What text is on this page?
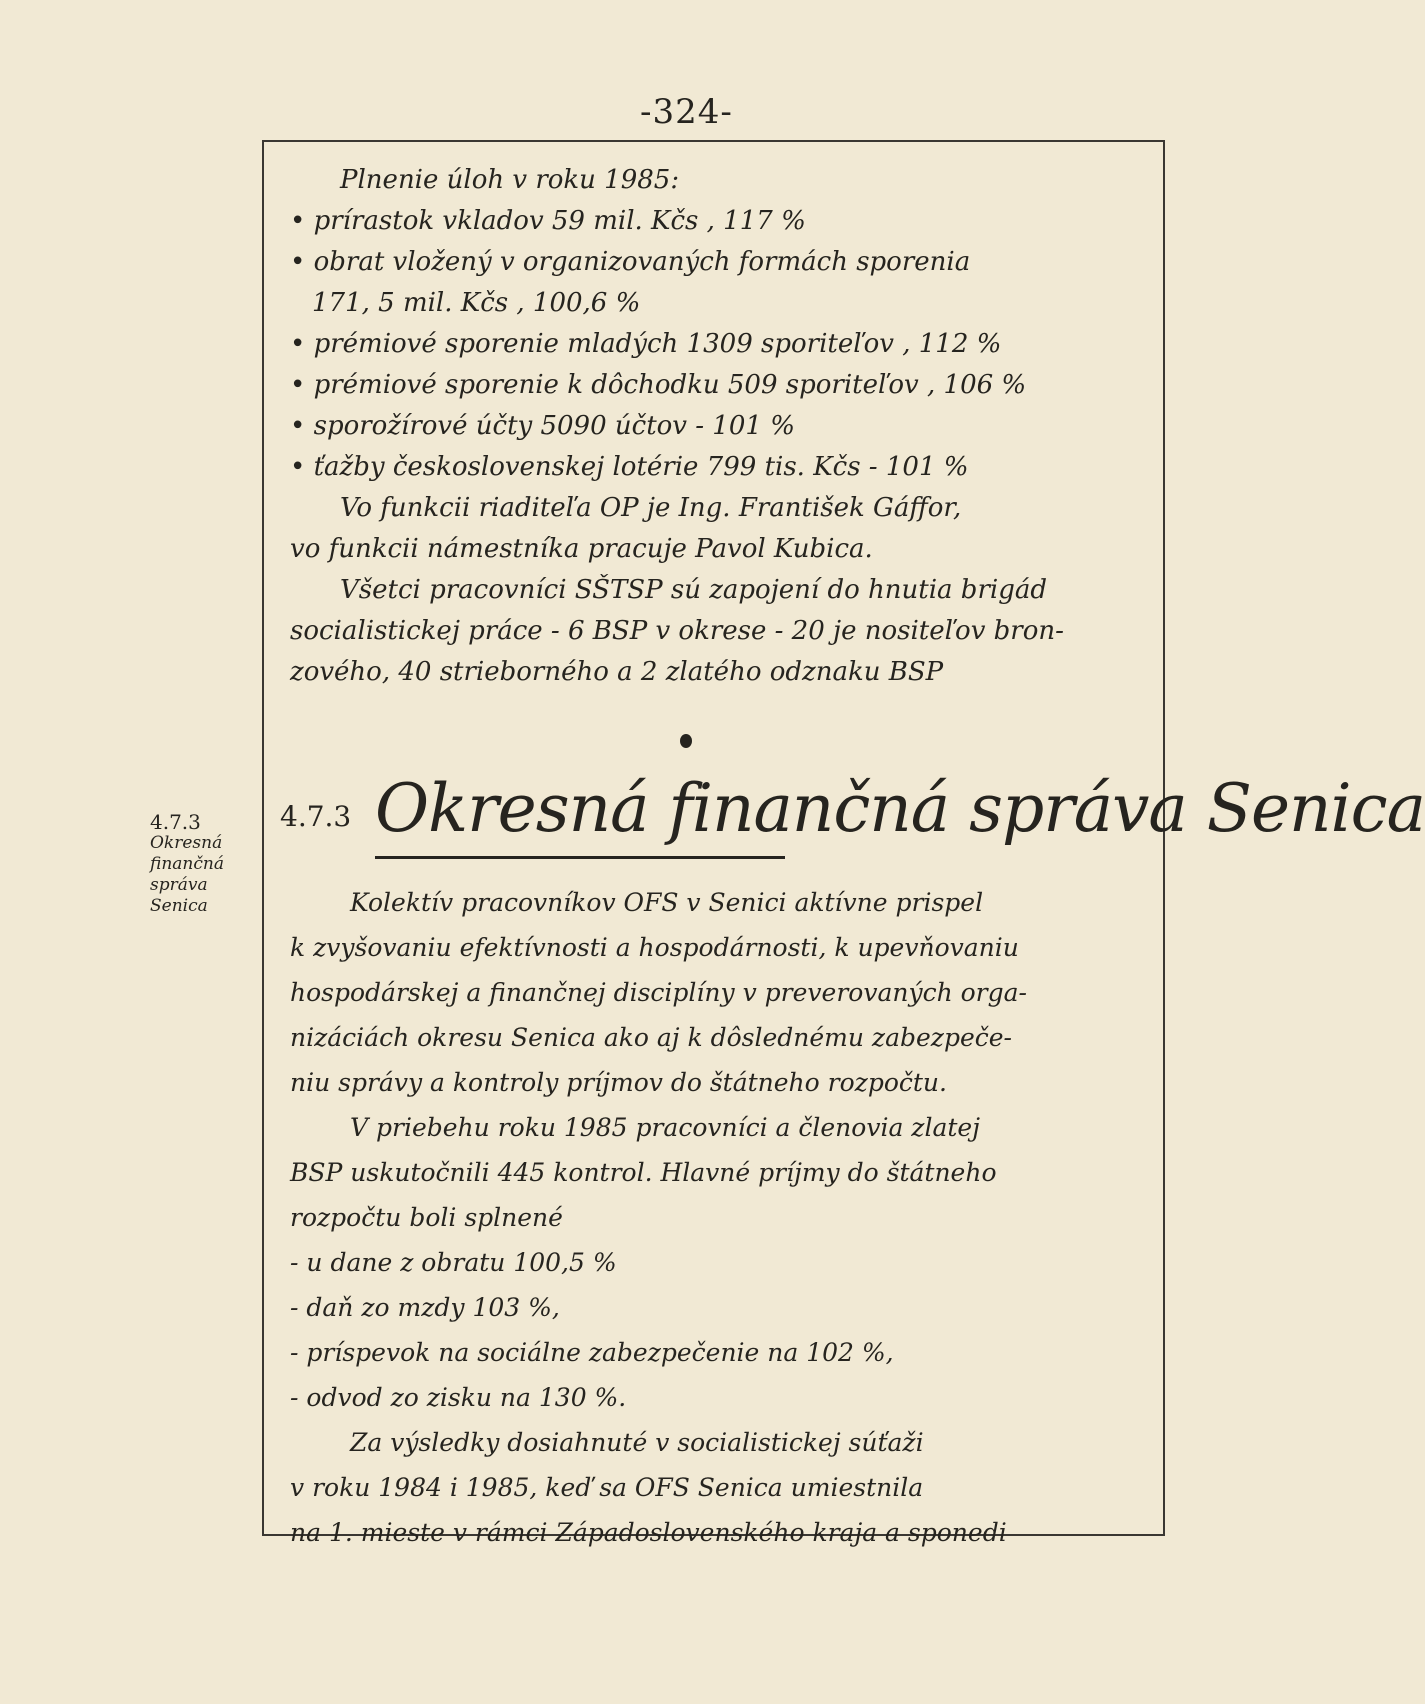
-324-
4.7.3
Okresná
finančná
správa
Senica
Plnenie úloh v roku 1985:
• prírastok vkladov 59 mil. Kčs , 117 %
• obrat vložený v organizovaných formách sporenia
171, 5 mil. Kčs , 100,6 %
• prémiové sporenie mladých 1309 sporiteľov , 112 %
• prémiové sporenie k dôchodku 509 sporiteľov , 106 %
• sporožírové účty 5090 účtov - 101 %
• ťažby československej lotérie 799 tis. Kčs - 101 %
Vo funkcii riaditeľa OP je Ing. František Gáffor,
vo funkcii námestníka pracuje Pavol Kubica.
Všetci pracovníci SŠTSP sú zapojení do hnutia brigád
socialistickej práce - 6 BSP v okrese - 20 je nositeľov bron-
zového, 40 strieborného a 2 zlatého odznaku BSP
4.7.3 Okresná finančná správa Senica
Kolektív pracovníkov OFS v Senici aktívne prispel
k zvyšovaniu efektívnosti a hospodárnosti, k upevňovaniu
hospodárskej a finančnej disciplíny v preverovaných orga-
nizáciách okresu Senica ako aj k dôslednému zabezpeče-
niu správy a kontroly príjmov do štátneho rozpočtu.
V priebehu roku 1985 pracovníci a členovia zlatej
BSP uskutočnili 445 kontrol. Hlavné príjmy do štátneho
rozpočtu boli splnené
- u dane z obratu 100,5 %
- daň zo mzdy 103 %,
- príspevok na sociálne zabezpečenie na 102 %,
- odvod zo zisku na 130 %.
Za výsledky dosiahnuté v socialistickej súťaži
v roku 1984 i 1985, keď sa OFS Senica umiestnila
na 1. mieste v rámci Západoslovenského kraja a sponedi
